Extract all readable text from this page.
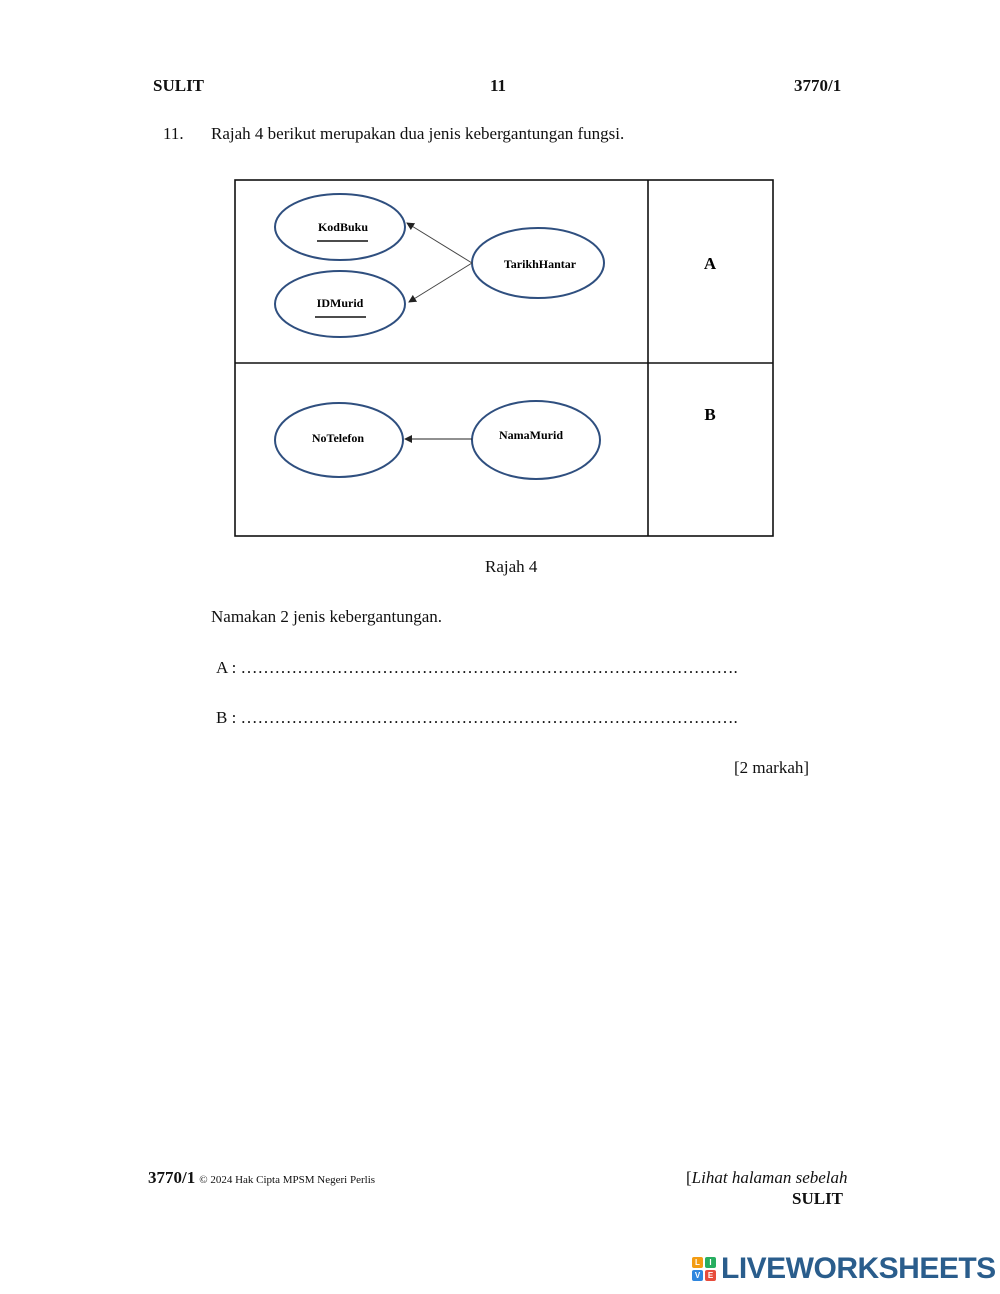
SULIT	11	3770/1
11. Rajah 4 berikut merupakan dua jenis kebergantungan fungsi.
KodBuku
IDMurid
TarikhHantar	A
NoTelefon	NamaMurid
B
Rajah 4
Namakan 2 jenis kebergantungan.
A : …………………………………………………………………………….
B : …………………………………………………………………………….
[2 markah]
3770/1 © 2024 Hak Cipta MPSM Negeri Perlis	[Lihat halaman sebelah
SULIT
L	I
V E LIVEWORKSHEETS
